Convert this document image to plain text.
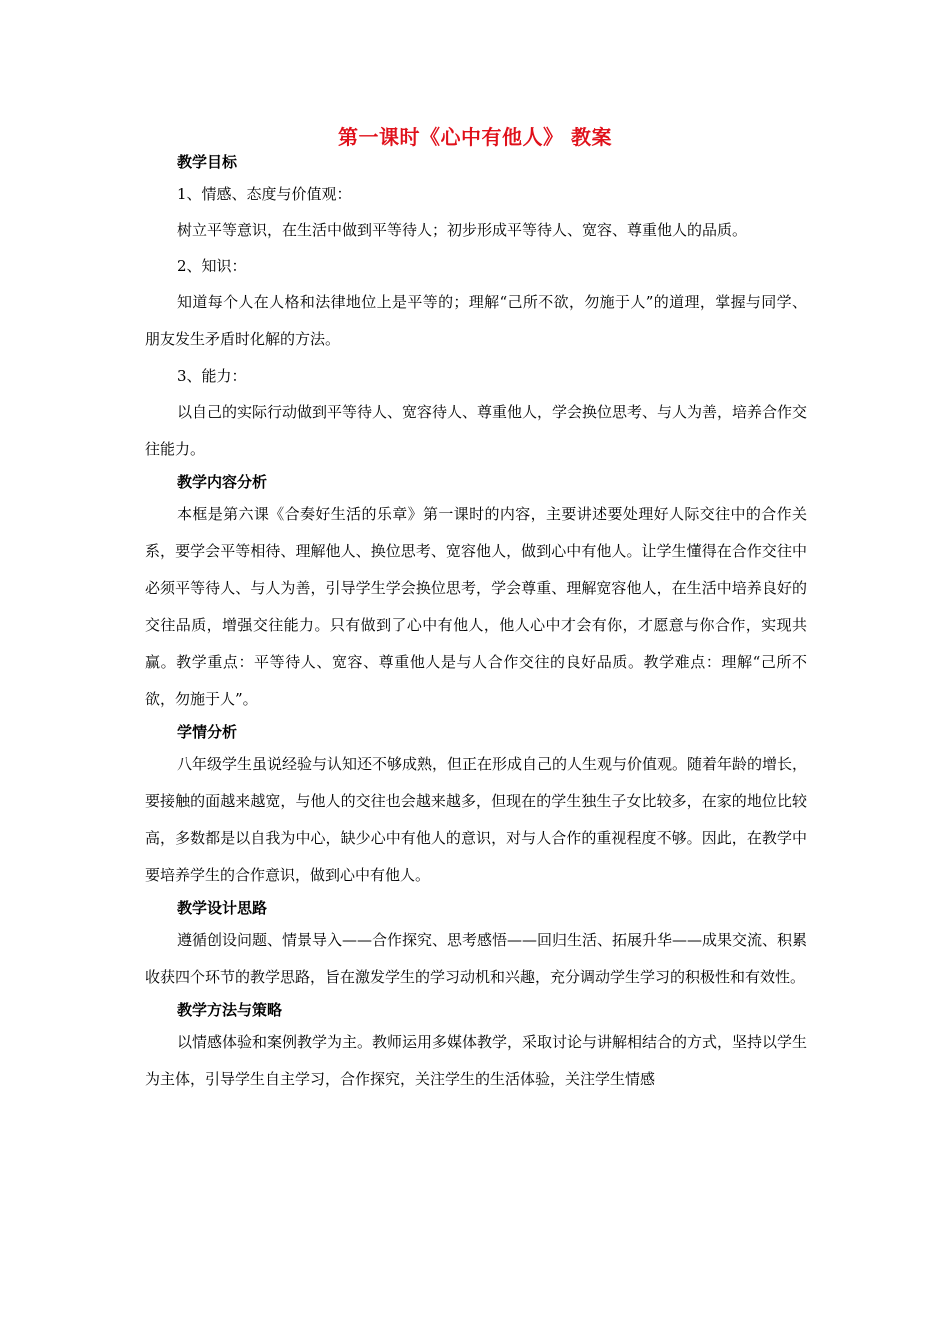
第一课时《心中有他人》 教案
教学目标
1、情感、态度与价值观：
树立平等意识，在生活中做到平等待人；初步形成平等待人、宽容、尊重他人的品质。
2、知识：

知道每个人在人格和法律地位上是平等的；理解“己所不欲，勿施于人”的道理，掌握与同学、朋友发生矛盾时化解的方法。

3、能力：

以自己的实际行动做到平等待人、宽容待人、尊重他人，学会换位思考、与人为善，培养合作交往能力。

教学内容分析

本框是第六课《合奏好生活的乐章》第一课时的内容，主要讲述要处理好人际交往中的合作关系，要学会平等相待、理解他人、换位思考、宽容他人，做到心中有他人。让学生懂得在合作交往中必须平等待人、与人为善，引导学生学会换位思考，学会尊重、理解宽容他人，在生活中培养良好的交往品质，增强交往能力。只有做到了心中有他人，他人心中才会有你，才愿意与你合作，实现共赢。教学重点：平等待人、宽容、尊重他人是与人合作交往的良好品质。教学难点：理解“己所不欲，勿施于人”。

学情分析

八年级学生虽说经验与认知还不够成熟，但正在形成自己的人生观与价值观。随着年龄的增长，要接触的面越来越宽，与他人的交往也会越来越多，但现在的学生独生子女比较多，在家的地位比较高，多数都是以自我为中心，缺少心中有他人的意识，对与人合作的重视程度不够。因此，在教学中要培养学生的合作意识，做到心中有他人。

教学设计思路

遵循创设问题、情景导入——合作探究、思考感悟——回归生活、拓展升华——成果交流、积累收获四个环节的教学思路，旨在激发学生的学习动机和兴趣，充分调动学生学习的积极性和有效性。

教学方法与策略

以情感体验和案例教学为主。教师运用多媒体教学，采取讨论与讲解相结合的方式，坚持以学生为主体，引导学生自主学习，合作探究，关注学生的生活体验，关注学生情感
